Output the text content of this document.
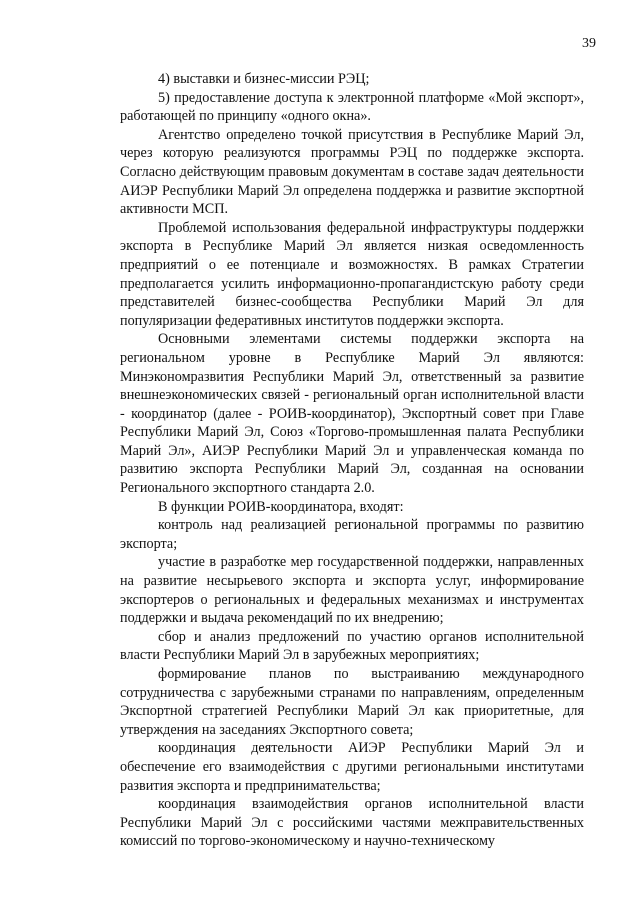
39

4) выставки и бизнес-миссии РЭЦ;

5) предоставление доступа к электронной платформе «Мой экспорт», работающей по принципу «одного окна».

Агентство определено точкой присутствия в Республике Марий Эл, через которую реализуются программы РЭЦ по поддержке экспорта. Согласно действующим правовым документам в составе задач деятельности АИЭР Республики Марий Эл определена поддержка и развитие экспортной активности МСП.

Проблемой использования федеральной инфраструктуры поддержки экспорта в Республике Марий Эл является низкая осведомленность предприятий о ее потенциале и возможностях. В рамках Стратегии предполагается усилить информационно-пропагандистскую работу среди представителей бизнес-сообщества Республики Марий Эл для популяризации федеративных институтов поддержки экспорта.

Основными элементами системы поддержки экспорта на региональном уровне в Республике Марий Эл являются: Минэкономразвития Республики Марий Эл, ответственный за развитие внешнеэкономических связей - региональный орган исполнительной власти - координатор (далее - РОИВ-координатор), Экспортный совет при Главе Республики Марий Эл, Союз «Торгово-промышленная палата Республики Марий Эл», АИЭР Республики Марий Эл и управленческая команда по развитию экспорта Республики Марий Эл, созданная на основании Регионального экспортного стандарта 2.0.

В функции РОИВ-координатора, входят:

контроль над реализацией региональной программы по развитию экспорта;

участие в разработке мер государственной поддержки, направленных на развитие несырьевого экспорта и экспорта услуг, информирование экспортеров о региональных и федеральных механизмах и инструментах поддержки и выдача рекомендаций по их внедрению;

сбор и анализ предложений по участию органов исполнительной власти Республики Марий Эл в зарубежных мероприятиях;

формирование планов по выстраиванию международного сотрудничества с зарубежными странами по направлениям, определенным Экспортной стратегией Республики Марий Эл как приоритетные, для утверждения на заседаниях Экспортного совета;

координация деятельности АИЭР Республики Марий Эл и обеспечение его взаимодействия с другими региональными институтами развития экспорта и предпринимательства;

координация взаимодействия органов исполнительной власти Республики Марий Эл с российскими частями межправительственных комиссий по торгово-экономическому и научно-техническому
